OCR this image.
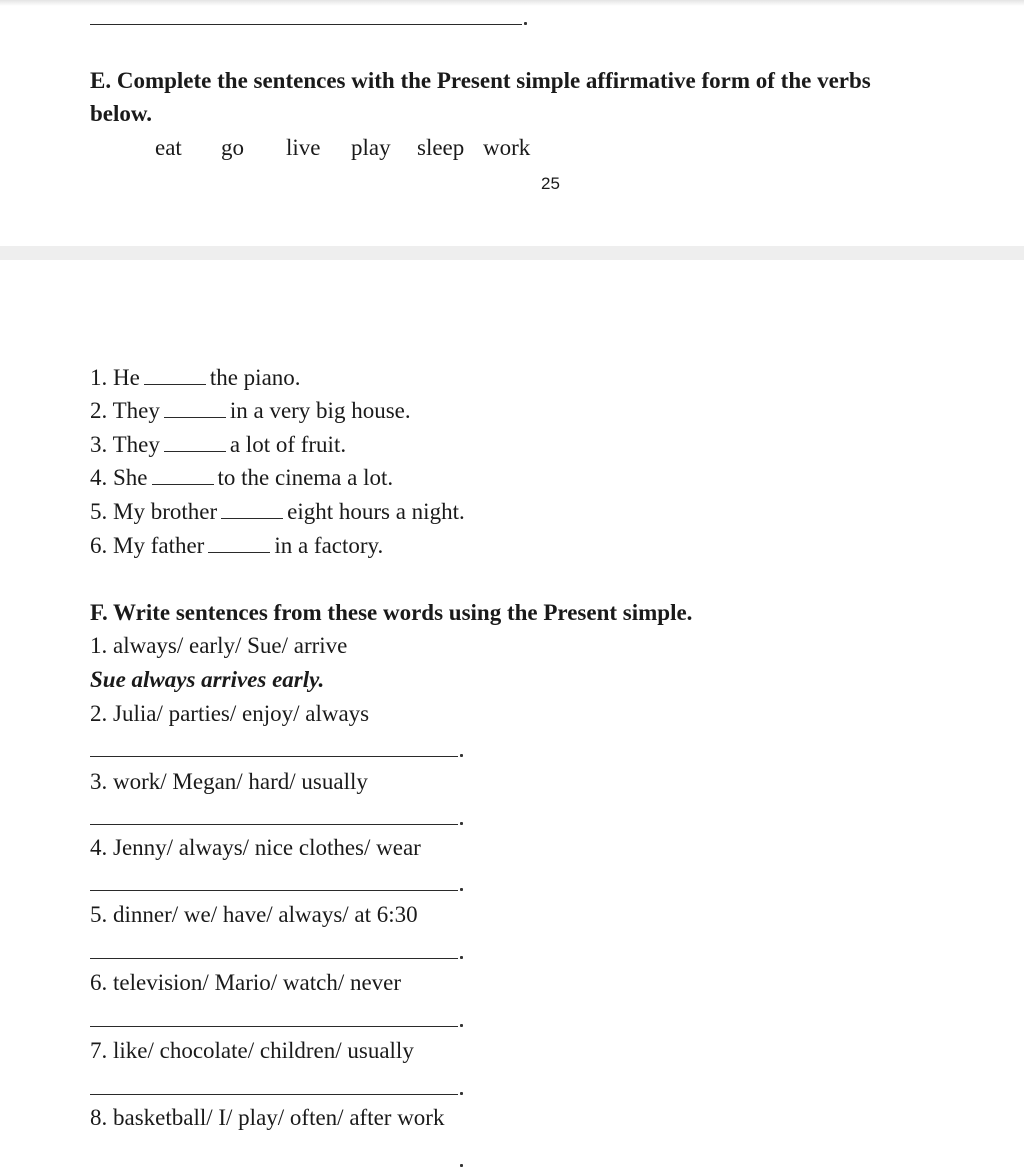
E. Complete the sentences with the Present simple affirmative form of the verbs
below.
eat go live play sleep work
25
1. He	the piano.
2. They	in a very big house.
3. They	a lot of fruit.
4. She	to the cinema a lot.
5. My brother	eight hours a night.
6. My father	in a factory.
F. Write sentences from these words using the Present simple.
1. always/ early/ Sue/ arrive
Sue always arrives early.
2. Julia/ parties/ enjoy/ always
3. work/ Megan/ hard/ usually
4. Jenny/ always/ nice clothes/ wear
5. dinner/ we/ have/ always/ at 6:30
6. television/ Mario/ watch/ never
7. like/ chocolate/ children/ usually
8. basketball/ I/ play/ often/ after work
